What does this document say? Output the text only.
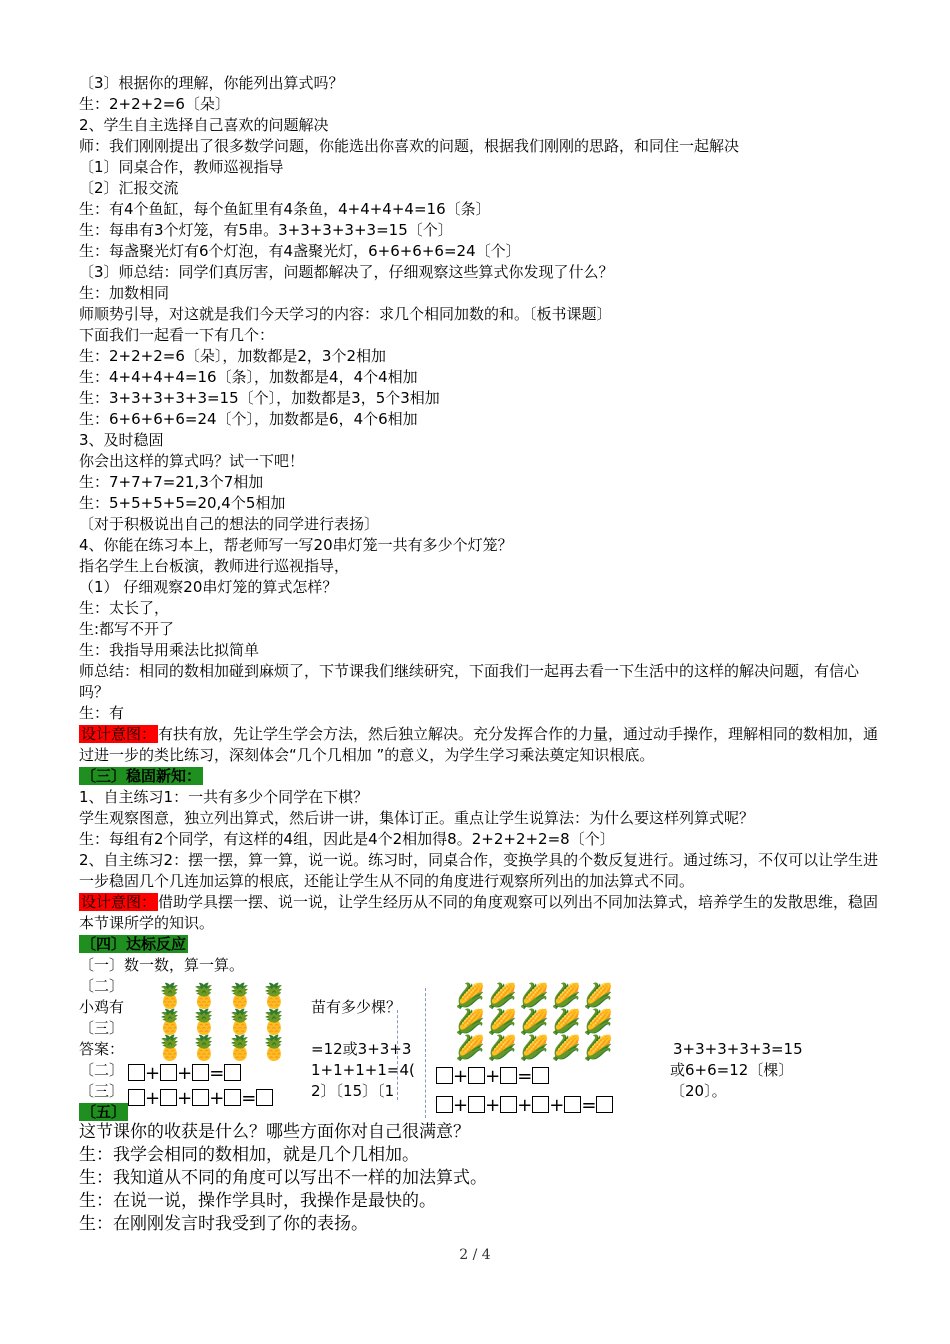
〔3〕根据你的理解，你能列出算式吗？
生：2+2+2=6〔朵〕
2、学生自主选择自己喜欢的问题解决
师：我们刚刚提出了很多数学问题，你能选出你喜欢的问题，根据我们刚刚的思路，和同住一起解决
〔1〕同桌合作，教师巡视指导
〔2〕汇报交流
生：有4个鱼缸，每个鱼缸里有4条鱼，4+4+4+4=16〔条〕
生：每串有3个灯笼，有5串。3+3+3+3+3=15〔个〕
生：每盏聚光灯有6个灯泡，有4盏聚光灯，6+6+6+6=24〔个〕
〔3〕师总结：同学们真厉害，问题都解决了，仔细观察这些算式你发现了什么？
生：加数相同
师顺势引导，对这就是我们今天学习的内容：求几个相同加数的和。〔板书课题〕
下面我们一起看一下有几个：
生：2+2+2=6〔朵〕，加数都是2，3个2相加
生：4+4+4+4=16〔条〕，加数都是4，4个4相加
生：3+3+3+3+3=15〔个〕，加数都是3，5个3相加
生：6+6+6+6=24〔个〕，加数都是6，4个6相加
3、及时稳固
你会出这样的算式吗？试一下吧！
生：7+7+7=21,3个7相加
生：5+5+5+5=20,4个5相加
〔对于积极说出自己的想法的同学进行表扬〕
4、你能在练习本上，帮老师写一写20串灯笼一共有多少个灯笼？
指名学生上台板演，教师进行巡视指导，
（1） 仔细观察20串灯笼的算式怎样？
生：太长了，
生:都写不开了
生：我指导用乘法比拟简单
师总结：相同的数相加碰到麻烦了，下节课我们继续研究，下面我们一起再去看一下生活中的这样的解决问题，有信心吗？
生：有
设计意图： 有扶有放，先让学生学会方法，然后独立解决。充分发挥合作的力量，通过动手操作，理解相同的数相加，通过进一步的类比练习，深刻体会“几个几相加 ”的意义，为学生学习乘法奠定知识根底。
〔三〕稳固新知：
1、自主练习1：一共有多少个同学在下棋？
学生观察图意，独立列出算式，然后讲一讲，集体订正。重点让学生说算法：为什么要这样列算式呢？
生：每组有2个同学，有这样的4组，因此是4个2相加得8。2+2+2+2=8〔个〕
2、自主练习2：摆一摆，算一算，说一说。练习时，同桌合作，变换学具的个数反复进行。通过练习，不仅可以让学生进一步稳固几个几连加运算的根底，还能让学生从不同的角度进行观察所列出的加法算式不同。
设计意图： 借助学具摆一摆、说一说，让学生经历从不同的角度观察可以列出不同加法算式，培养学生的发散思维，稳固本节课所学的知识。
〔四〕达标反应
〔一〕数一数，算一算。
〔二〕
小鸡有	苗有多少棵？
〔三〕
答案：	=12或3+3+3	3+3+3+3+3=15
〔二〕	1+1+1+1=4(	或6+6=12〔棵〕
〔三〕	2〕〔15〕〔1	〔20〕。
〔五〕
这节课你的收获是什么？哪些方面你对自己很满意？
生：我学会相同的数相加，就是几个几相加。
生：我知道从不同的角度可以写出不一样的加法算式。
生：在说一说，操作学具时，我操作是最快的。
生：在刚刚发言时我受到了你的表扬。
🍍 🍍 🍍 🍍
🍍 🍍 🍍 🍍
🍍 🍍 🍍 🍍
🌽 🌽 🌽 🌽 🌽
🌽 🌽 🌽 🌽 🌽
🌽 🌽 🌽 🌽 🌽
+ + =
+ + + =
+ + =
+ + + + =
2 / 4
